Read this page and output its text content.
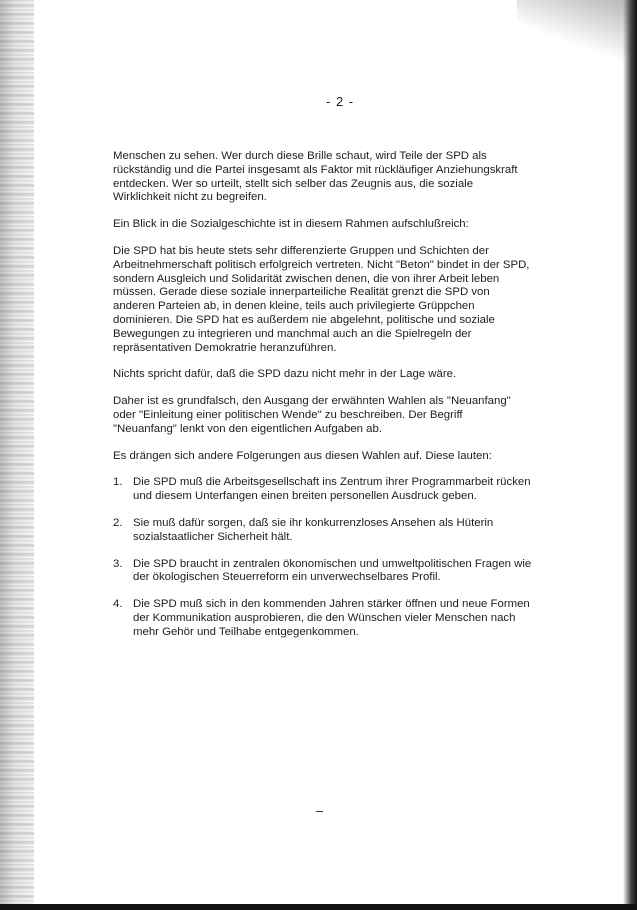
- 2 -

Menschen zu sehen. Wer durch diese Brille schaut, wird Teile der SPD als
rückständig und die Partei insgesamt als Faktor mit rückläufiger Anziehungskraft
entdecken. Wer so urteilt, stellt sich selber das Zeugnis aus, die soziale
Wirklichkeit nicht zu begreifen.

Ein Blick in die Sozialgeschichte ist in diesem Rahmen aufschlußreich:

Die SPD hat bis heute stets sehr differenzierte Gruppen und Schichten der
Arbeitnehmerschaft politisch erfolgreich vertreten. Nicht "Beton" bindet in der SPD,
sondern Ausgleich und Solidarität zwischen denen, die von ihrer Arbeit leben
müssen. Gerade diese soziale innerparteiliche Realität grenzt die SPD von
anderen Parteien ab, in denen kleine, teils auch privilegierte Grüppchen
dominieren. Die SPD hat es außerdem nie abgelehnt, politische und soziale
Bewegungen zu integrieren und manchmal auch an die Spielregeln der
repräsentativen Demokratrie heranzuführen.

Nichts spricht dafür, daß die SPD dazu nicht mehr in der Lage wäre.

Daher ist es grundfalsch, den Ausgang der erwähnten Wahlen als "Neuanfang"
oder "Einleitung einer politischen Wende" zu beschreiben. Der Begriff
"Neuanfang" lenkt von den eigentlichen Aufgaben ab.

Es drängen sich andere Folgerungen aus diesen Wahlen auf. Diese lauten:

1. Die SPD muß die Arbeitsgesellschaft ins Zentrum ihrer Programmarbeit rücken
und diesem Unterfangen einen breiten personellen Ausdruck geben.
2. Sie muß dafür sorgen, daß sie ihr konkurrenzloses Ansehen als Hüterin
sozialstaatlicher Sicherheit hält.
3. Die SPD braucht in zentralen ökonomischen und umweltpolitischen Fragen wie
der ökologischen Steuerreform ein unverwechselbares Profil.
4. Die SPD muß sich in den kommenden Jahren stärker öffnen und neue Formen
der Kommunikation ausprobieren, die den Wünschen vieler Menschen nach
mehr Gehör und Teilhabe entgegenkommen.
